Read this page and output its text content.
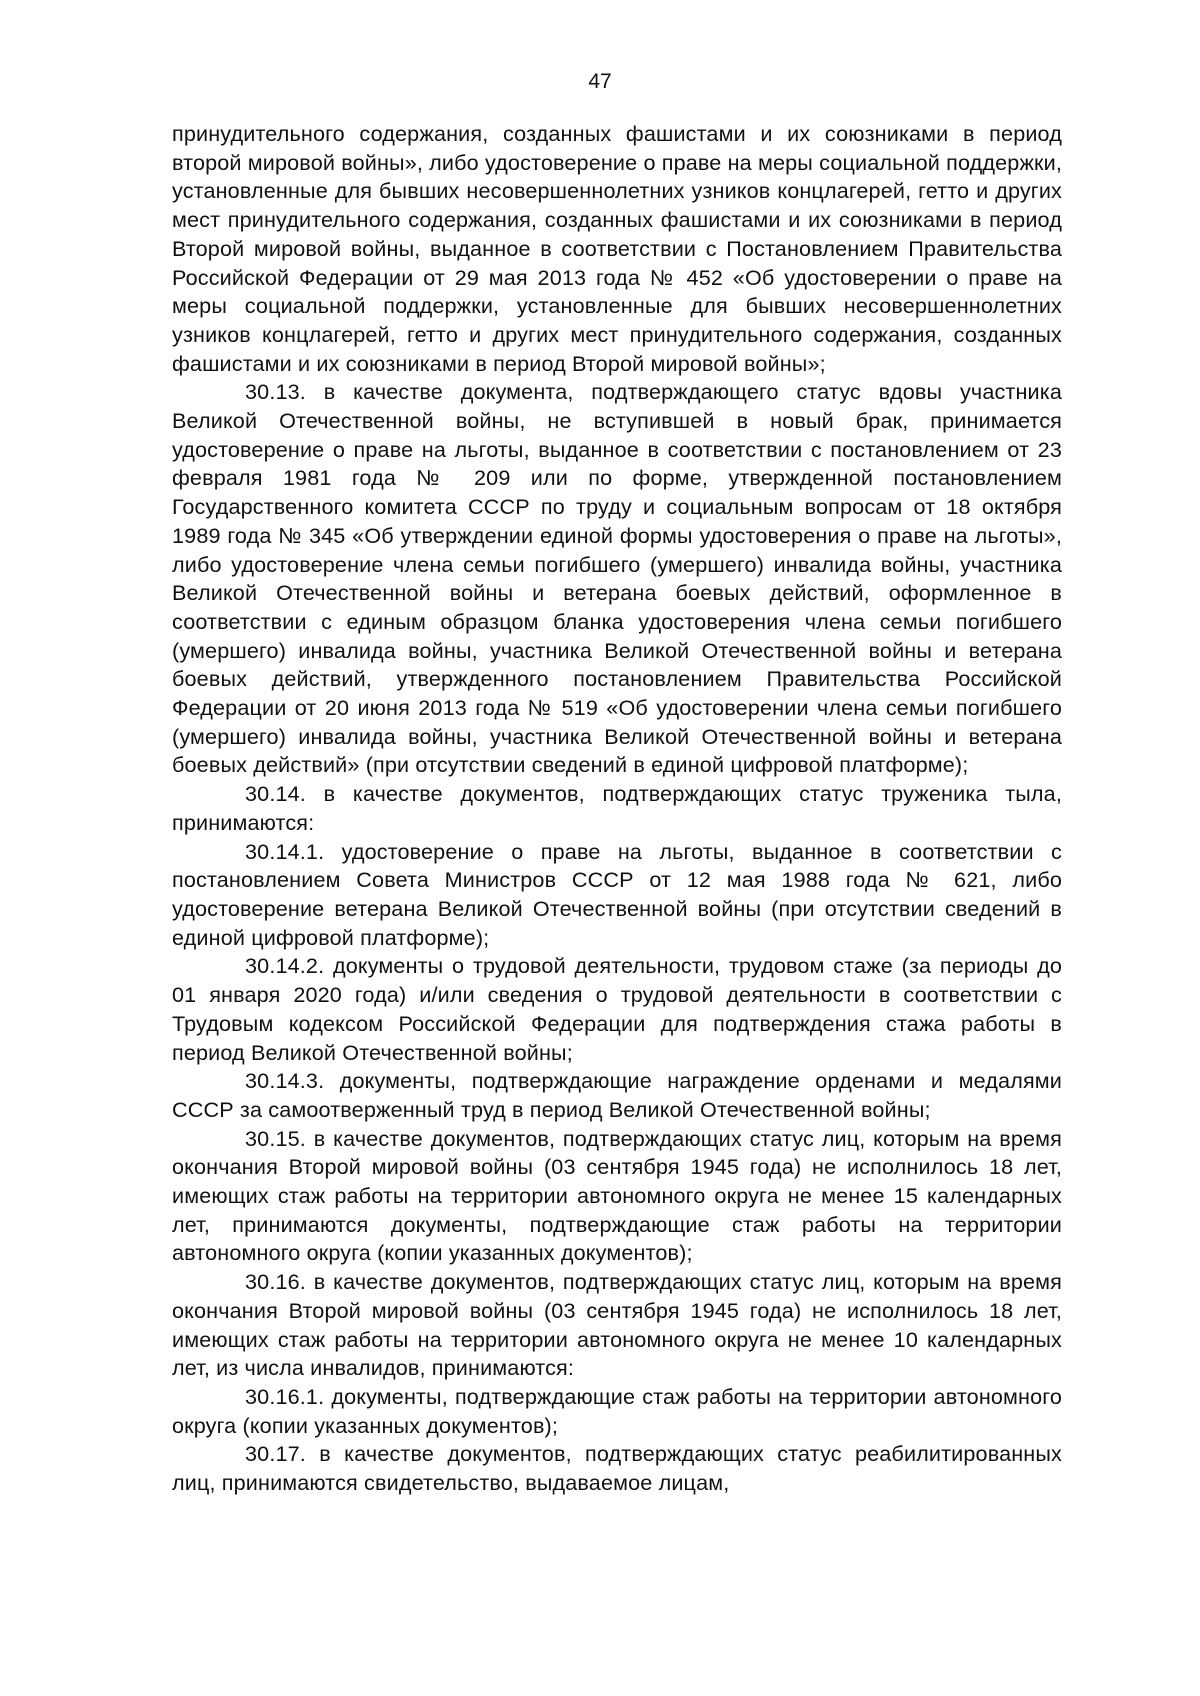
47

принудительного содержания, созданных фашистами и их союзниками в период второй мировой войны», либо удостоверение о праве на меры социальной поддержки, установленные для бывших несовершеннолетних узников концлагерей, гетто и других мест принудительного содержания, созданных фашистами и их союзниками в период Второй мировой войны, выданное в соответствии с Постановлением Правительства Российской Федерации от 29 мая 2013 года № 452 «Об удостоверении о праве на меры социальной поддержки, установленные для бывших несовершеннолетних узников концлагерей, гетто и других мест принудительного содержания, созданных фашистами и их союзниками в период Второй мировой войны»;

30.13. в качестве документа, подтверждающего статус вдовы участника Великой Отечественной войны, не вступившей в новый брак, принимается удостоверение о праве на льготы, выданное в соответствии с постановлением от 23 февраля 1981 года № 209 или по форме, утвержденной постановлением Государственного комитета СССР по труду и социальным вопросам от 18 октября 1989 года № 345 «Об утверждении единой формы удостоверения о праве на льготы», либо удостоверение члена семьи погибшего (умершего) инвалида войны, участника Великой Отечественной войны и ветерана боевых действий, оформленное в соответствии с единым образцом бланка удостоверения члена семьи погибшего (умершего) инвалида войны, участника Великой Отечественной войны и ветерана боевых действий, утвержденного постановлением Правительства Российской Федерации от 20 июня 2013 года № 519 «Об удостоверении члена семьи погибшего (умершего) инвалида войны, участника Великой Отечественной войны и ветерана боевых действий» (при отсутствии сведений в единой цифровой платформе);

30.14. в качестве документов, подтверждающих статус труженика тыла, принимаются:

30.14.1. удостоверение о праве на льготы, выданное в соответствии с постановлением Совета Министров СССР от 12 мая 1988 года № 621, либо удостоверение ветерана Великой Отечественной войны (при отсутствии сведений в единой цифровой платформе);

30.14.2. документы о трудовой деятельности, трудовом стаже (за периоды до 01 января 2020 года) и/или сведения о трудовой деятельности в соответствии с Трудовым кодексом Российской Федерации для подтверждения стажа работы в период Великой Отечественной войны;

30.14.3. документы, подтверждающие награждение орденами и медалями СССР за самоотверженный труд в период Великой Отечественной войны;

30.15. в качестве документов, подтверждающих статус лиц, которым на время окончания Второй мировой войны (03 сентября 1945 года) не исполнилось 18 лет, имеющих стаж работы на территории автономного округа не менее 15 календарных лет, принимаются документы, подтверждающие стаж работы на территории автономного округа (копии указанных документов);

30.16. в качестве документов, подтверждающих статус лиц, которым на время окончания Второй мировой войны (03 сентября 1945 года) не исполнилось 18 лет, имеющих стаж работы на территории автономного округа не менее 10 календарных лет, из числа инвалидов, принимаются:

30.16.1. документы, подтверждающие стаж работы на территории автономного округа (копии указанных документов);

30.17. в качестве документов, подтверждающих статус реабилитированных лиц, принимаются свидетельство, выдаваемое лицам,
